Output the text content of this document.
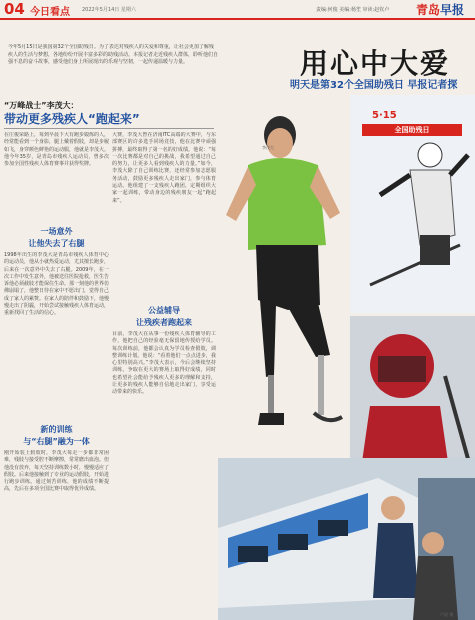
04 今日看点 2022年5月14日 星期六	责编:何俊 美编:杨笙 审读:赵钦卢 青岛早报
今年5月15日是我国第32个全国助残日。为了表达对残疾人的关爱和尊重，让社会更加了解残疾人的生活与梦想，各地纷纷开展丰富多彩的助残活动。本报记者走近残疾人群体，聆听他们自强不息的奋斗故事，感受他们身上所展现出的乐观与坚韧，一起传递温暖与力量。	用心中大爱
明天是第32个全国助残日 早报记者探
“万峰战士”李茂大：
带动更多残疾人“跑起来”
在庄俊荣路上，每到早晨下大有跑步锻炼的人，经常能看到一个身影，腿上戴着假肢，却是步履如飞，身穿颜色鲜艳的运动服，他就是李茂大。他今年35岁，是青岛市残疾人运动员，曾多次参加全国性残疾人体育赛事并获得奖牌。
一场意外
让他失去了右腿
1998年出生的李茂大是青岛市残疾人体育中心的运动员，他从小就热爱运动，尤其擅长跑步，后来在一次意外中失去了右腿。2009年，在一次工作中发生意外，他被送往医院抢救，医生告诉他必须截肢才能保住生命。那一刻他的世界仿佛崩塌了，他整日待在家中不愿出门，觉得自己成了家人的累赘。在家人的陪伴和鼓励下，他慢慢走出了阴霾，开始尝试接触残疾人体育运动，重新找回了生活的信心。
新的训练
与“右腿”融为一体
刚开始装上假肢时，李茂大每走一步都非常困难，残肢与接受腔不断摩擦，常常磨出血泡。但他没有放弃，每天坚持训练数小时，慢慢适应了假肢。后来他接触到了专业的运动假肢，开始进行跑步训练。通过刻苦训练，他的成绩不断提高，先后在多项全国比赛中取得优异成绩。
大赛，李茂大曾在济南ITC高端的大赛中，与东部赛区的许多选手同场竞技，他在比赛中顽强拼搏，最终取得了第一名的好成绩。他说：“每一次比赛都是对自己的挑战，我希望通过自己的努力，让更多人看到残疾人的力量。”如今，李茂大除了自己训练比赛，还经常参加志愿服务活动，鼓励更多残疾人走出家门，参与体育运动。他组建了一支残疾人跑团，定期组织大家一起训练，带动身边的残疾朋友一起“跑起来”。
公益辅导
让残疾者跑起来
目前，李茂大在从事一份残疾人体育辅导的工作，他把自己的经验毫无保留地传授给学员。每次训练前，他都会认真为学员检查假肢，调整训练计划。他说：“看着他们一点点进步，我心里特别高兴。”李茂大表示，今后会继续坚持训练，争取在更大的赛场上取得好成绩，同时也希望社会能给予残疾人更多的理解和支持，让更多的残疾人能够自信地走出家门，享受运动带来的快乐。
李茂大
5·15
全国助残日
卢晨 摄
